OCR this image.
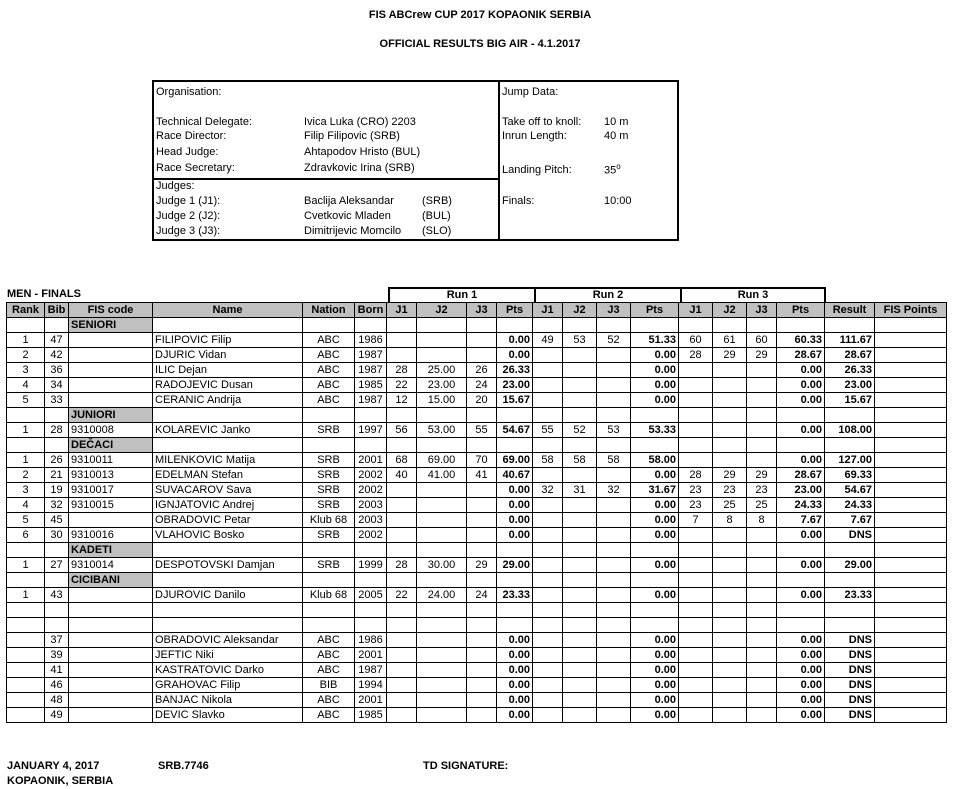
FIS ABCrew CUP 2017 KOPAONIK SERBIA
OFFICIAL RESULTS BIG AIR - 4.1.2017
Organisation:
Technical Delegate:	Ivica Luka (CRO) 2203
Race Director:	Filip Filipovic (SRB)
Head Judge:	Ahtapodov Hristo (BUL)
Race Secretary:	Zdravkovic Irina (SRB)
Judges:
Judge 1 (J1):	Baclija Aleksandar	(SRB)
Judge 2 (J2):	Cvetkovic Mladen	(BUL)
Judge 3 (J3):	Dimitrijevic Momcilo (SLO)
Jump Data:
Take off to knoll: 10 m
Inrun Length:	40 m
Landing Pitch:	35$^o$
Finals:	10:00
MEN - FINALS	Run 1	Run 2	Run 3
Rank	Bib	FIS code	Name	Nation	Born	J1	J2	J3	Pts	J1	J2	J3	Pts	J1	J2	J3	Pts	Result	FIS Points
		SENIORI																	
1	47		FILIPOVIC Filip	ABC	1986				0.00	49	53	52	51.33	60	61	60	60.33	111.67	
2	42		DJURIC Vidan	ABC	1987				0.00				0.00	28	29	29	28.67	28.67	
3	36		ILIC Dejan	ABC	1987	28	25.00	26	26.33				0.00				0.00	26.33	
4	34		RADOJEVIC Dusan	ABC	1985	22	23.00	24	23.00				0.00				0.00	23.00	
5	33		CERANIC Andrija	ABC	1987	12	15.00	20	15.67				0.00				0.00	15.67	
		JUNIORI																	
1	28	9310008	KOLAREVIC Janko	SRB	1997	56	53.00	55	54.67	55	52	53	53.33				0.00	108.00	
		DEČACI																	
1	26	9310011	MILENKOVIC Matija	SRB	2001	68	69.00	70	69.00	58	58	58	58.00				0.00	127.00	
2	21	9310013	EDELMAN Stefan	SRB	2002	40	41.00	41	40.67				0.00	28	29	29	28.67	69.33	
3	19	9310017	SUVACAROV Sava	SRB	2002				0.00	32	31	32	31.67	23	23	23	23.00	54.67	
4	32	9310015	IGNJATOVIC Andrej	SRB	2003				0.00				0.00	23	25	25	24.33	24.33	
5	45		OBRADOVIC Petar	Klub 68	2003				0.00				0.00	7	8	8	7.67	7.67	
6	30	9310016	VLAHOVIC Bosko	SRB	2002				0.00				0.00				0.00	DNS	
		KADETI																	
1	27	9310014	DESPOTOVSKI Damjan	SRB	1999	28	30.00	29	29.00				0.00				0.00	29.00	
		CICIBANI																	
1	43		DJUROVIC Danilo	Klub 68	2005	22	24.00	24	23.33				0.00				0.00	23.33	

	37		OBRADOVIC Aleksandar	ABC	1986				0.00				0.00				0.00	DNS	
	39		JEFTIC Niki	ABC	2001				0.00				0.00				0.00	DNS	
	41		KASTRATOVIC Darko	ABC	1987				0.00				0.00				0.00	DNS	
	46		GRAHOVAC Filip	BIB	1994				0.00				0.00				0.00	DNS	
	48		BANJAC Nikola	ABC	2001				0.00				0.00				0.00	DNS	
	49		DEVIC Slavko	ABC	1985				0.00				0.00				0.00	DNS	
JANUARY 4, 2017
KOPAONIK, SERBIA
SRB.7746	TD SIGNATURE:
